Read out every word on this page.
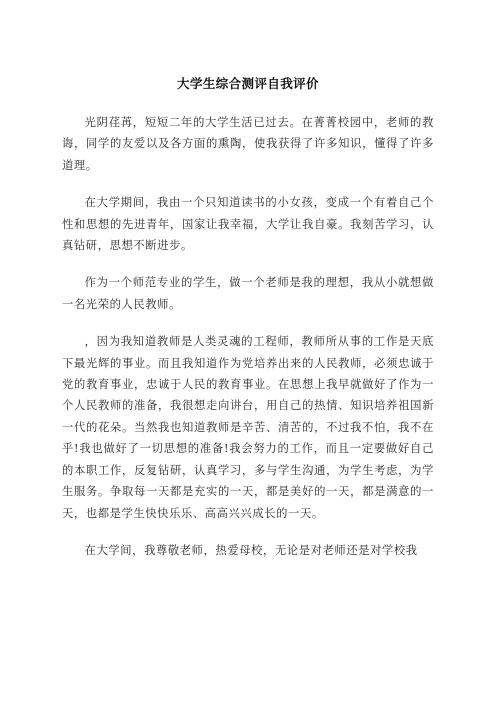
大学生综合测评自我评价

光阴荏苒，短短二年的大学生活已过去。在菁菁校园中，老师的教诲，同学的友爱以及各方面的熏陶，使我获得了许多知识，懂得了许多道理。

在大学期间，我由一个只知道读书的小女孩，变成一个有着自己个性和思想的先进青年，国家让我幸福，大学让我自豪。我刻苦学习，认真钻研，思想不断进步。

作为一个师范专业的学生，做一个老师是我的理想，我从小就想做一名光荣的人民教师。

，因为我知道教师是人类灵魂的工程师，教师所从事的工作是天底下最光辉的事业。而且我知道作为党培养出来的人民教师，必须忠诚于党的教育事业，忠诚于人民的教育事业。在思想上我早就做好了作为一个人民教师的准备，我很想走向讲台，用自己的热情、知识培养祖国新一代的花朵。当然我也知道教师是辛苦、清苦的，不过我不怕，我不在乎!我也做好了一切思想的准备!我会努力的工作，而且一定要做好自己的本职工作，反复钻研，认真学习，多与学生沟通，为学生考虑，为学生服务。争取每一天都是充实的一天，都是美好的一天，都是满意的一天，也都是学生快快乐乐、高高兴兴成长的一天。

在大学间，我尊敬老师，热爱母校，无论是对老师还是对学校我
